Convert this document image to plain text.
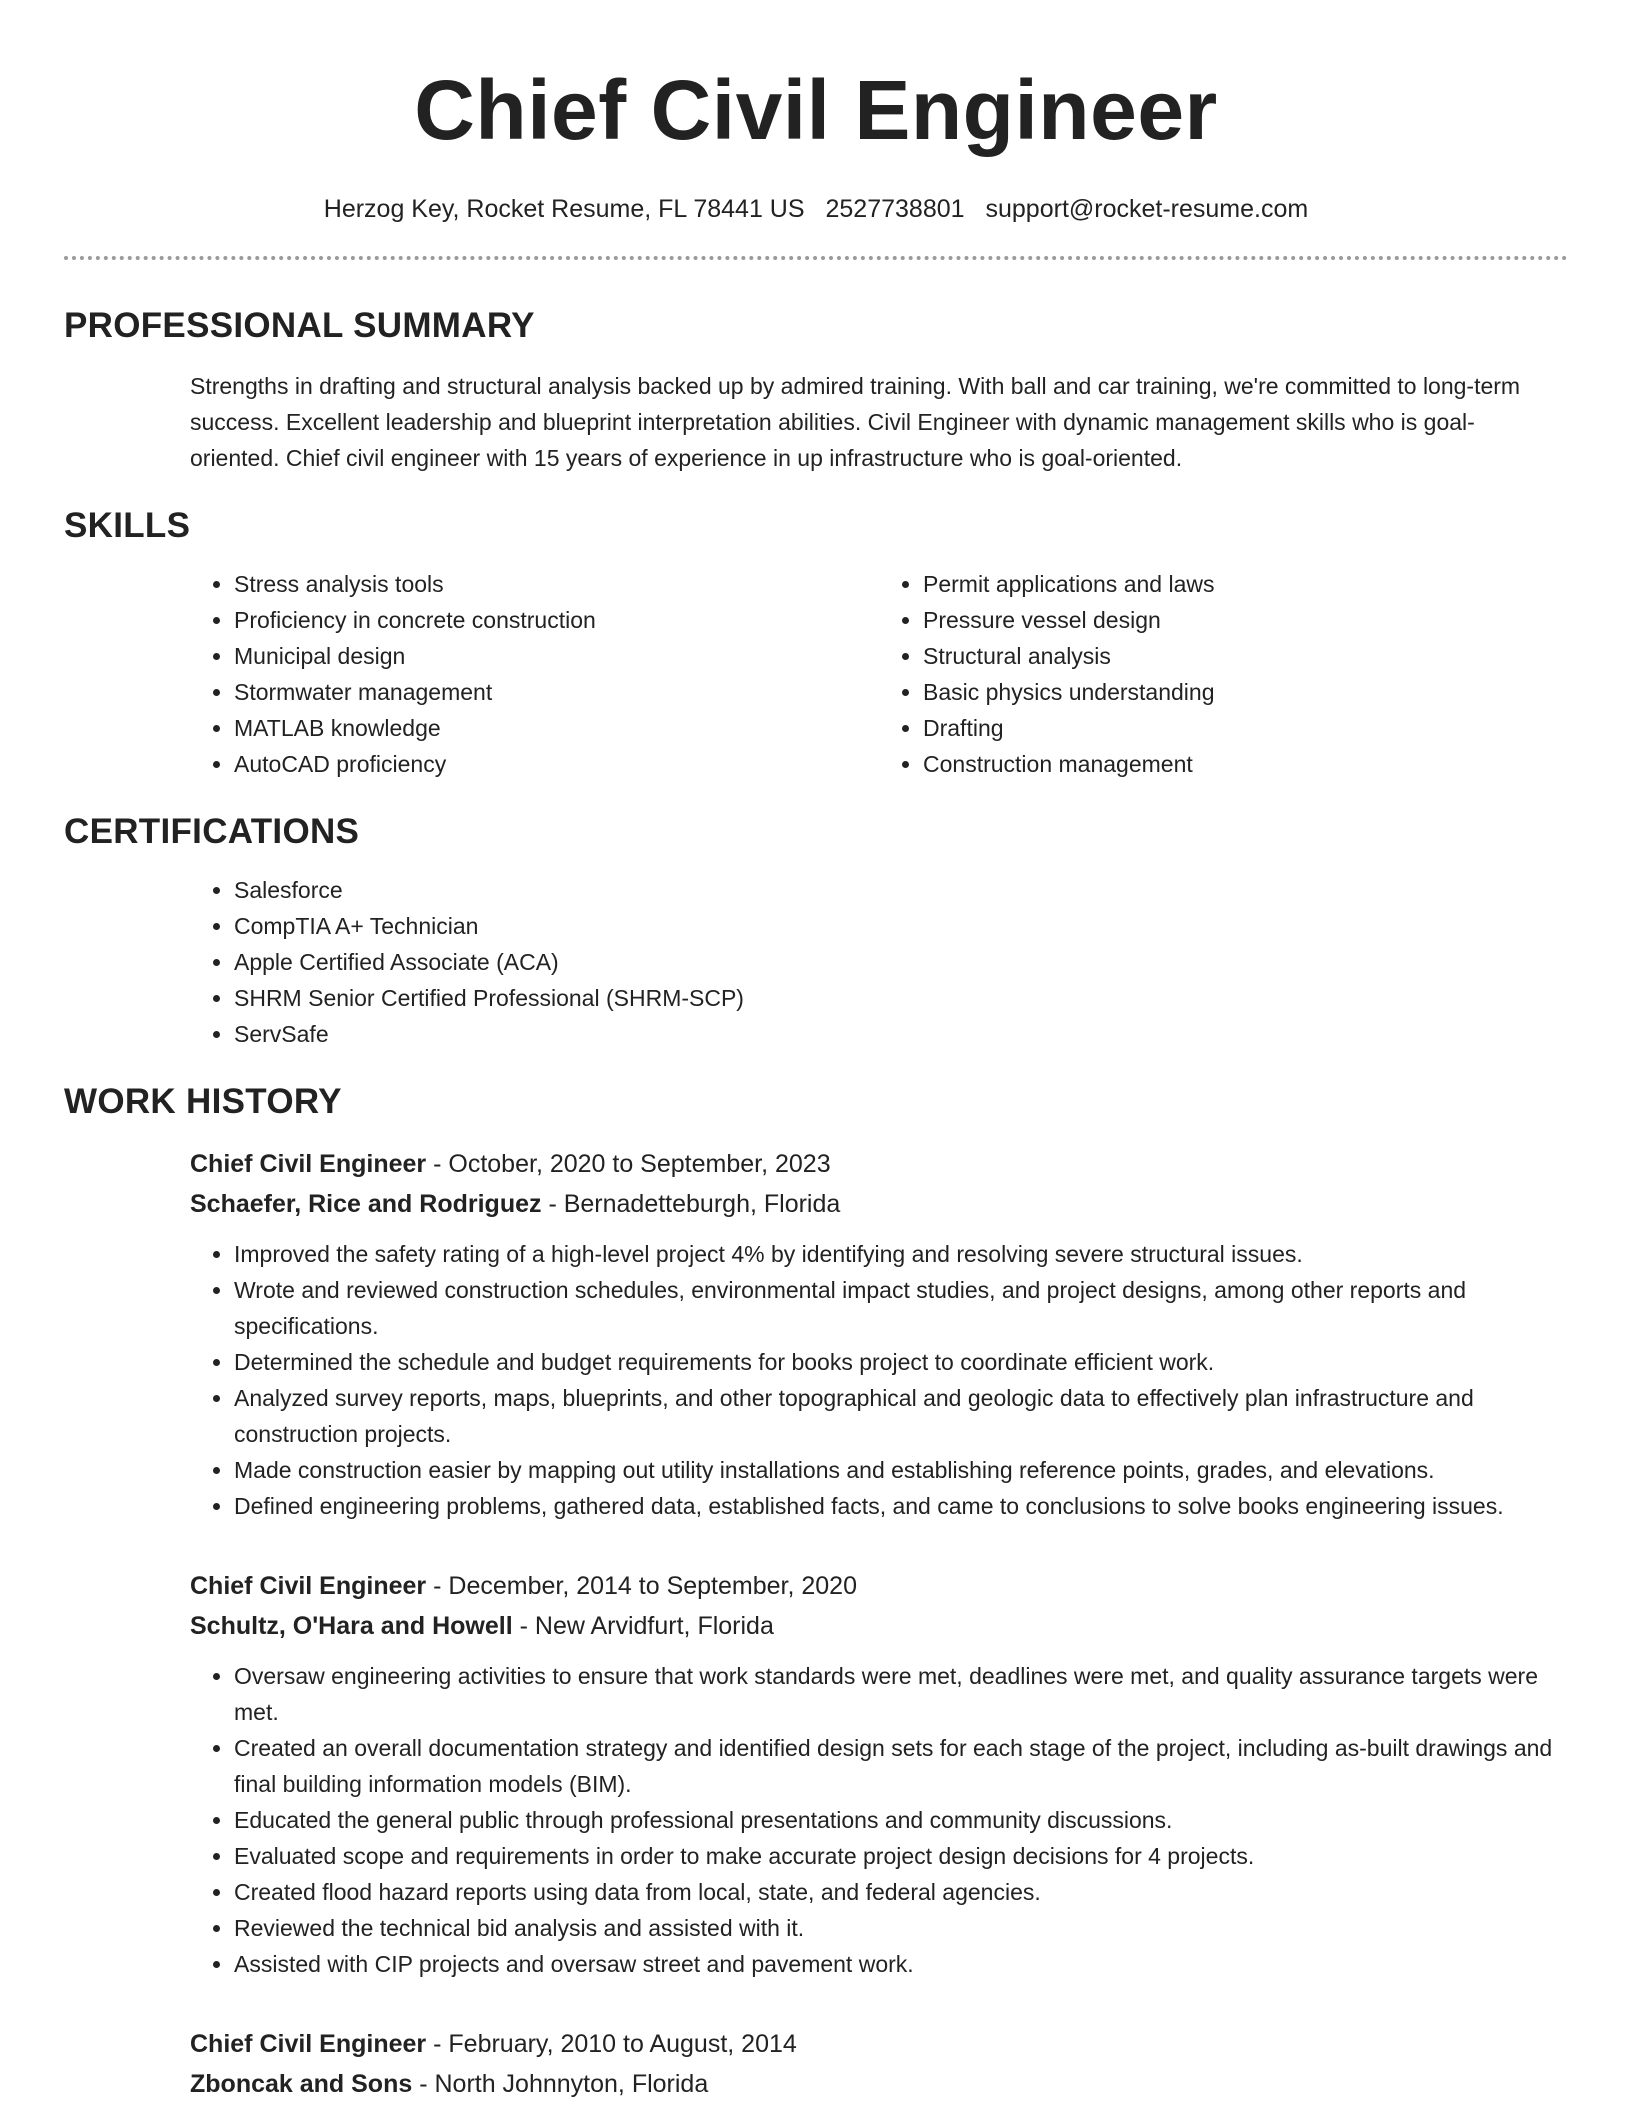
Chief Civil Engineer
Herzog Key, Rocket Resume, FL 78441 US 2527738801 support@rocket-resume.com
PROFESSIONAL SUMMARY
Strengths in drafting and structural analysis backed up by admired training. With ball and car training, we're committed to long-term success. Excellent leadership and blueprint interpretation abilities. Civil Engineer with dynamic management skills who is goal-oriented. Chief civil engineer with 15 years of experience in up infrastructure who is goal-oriented.
SKILLS
• Stress analysis tools
• Proficiency in concrete construction
• Municipal design
• Stormwater management
• MATLAB knowledge
• AutoCAD proficiency
• Permit applications and laws
• Pressure vessel design
• Structural analysis
• Basic physics understanding
• Drafting
• Construction management
CERTIFICATIONS
• Salesforce
• CompTIA A+ Technician
• Apple Certified Associate (ACA)
• SHRM Senior Certified Professional (SHRM-SCP)
• ServSafe
WORK HISTORY
Chief Civil Engineer - October, 2020 to September, 2023
Schaefer, Rice and Rodriguez - Bernadetteburgh, Florida
• Improved the safety rating of a high-level project 4% by identifying and resolving severe structural issues.
• Wrote and reviewed construction schedules, environmental impact studies, and project designs, among other reports and specifications.
• Determined the schedule and budget requirements for books project to coordinate efficient work.
• Analyzed survey reports, maps, blueprints, and other topographical and geologic data to effectively plan infrastructure and construction projects.
• Made construction easier by mapping out utility installations and establishing reference points, grades, and elevations.
• Defined engineering problems, gathered data, established facts, and came to conclusions to solve books engineering issues.
Chief Civil Engineer - December, 2014 to September, 2020
Schultz, O'Hara and Howell - New Arvidfurt, Florida
• Oversaw engineering activities to ensure that work standards were met, deadlines were met, and quality assurance targets were met.
• Created an overall documentation strategy and identified design sets for each stage of the project, including as-built drawings and final building information models (BIM).
• Educated the general public through professional presentations and community discussions.
• Evaluated scope and requirements in order to make accurate project design decisions for 4 projects.
• Created flood hazard reports using data from local, state, and federal agencies.
• Reviewed the technical bid analysis and assisted with it.
• Assisted with CIP projects and oversaw street and pavement work.
Chief Civil Engineer - February, 2010 to August, 2014
Zboncak and Sons - North Johnnyton, Florida
